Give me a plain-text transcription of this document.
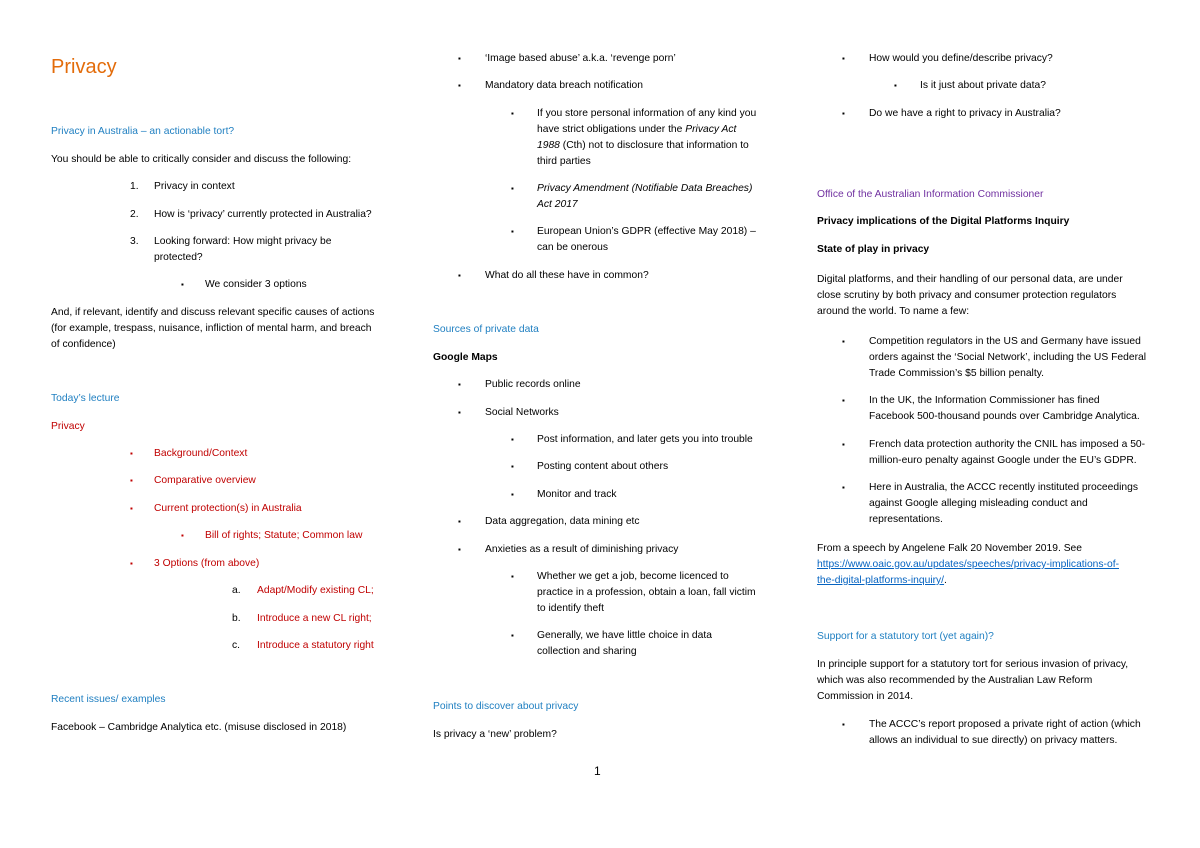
Privacy

Privacy in Australia – an actionable tort?

You should be able to critically consider and discuss the following:

1. Privacy in context

2. How is ‘privacy’ currently protected in Australia?

3. Looking forward: How might privacy be

protected?

▪ We consider 3 options

And, if relevant, identify and discuss relevant specific causes of actions

(for example, trespass, nuisance, infliction of mental harm, and breach

of confidence)

Today’s lecture

Privacy

▪ Background/Context

▪ Comparative overview

▪ Current protection(s) in Australia

▪ Bill of rights; Statute; Common law

▪ 3 Options (from above)

a. Adapt/Modify existing CL;

b. Introduce a new CL right;

c. Introduce a statutory right

Recent issues/ examples

Facebook – Cambridge Analytica etc. (misuse disclosed in 2018)

▪ ‘Image based abuse’ a.k.a. ‘revenge porn’

▪ Mandatory data breach notification

▪ If you store personal information of any kind you

have strict obligations under the Privacy Act

1988 (Cth) not to disclosure that information to

third parties

▪ Privacy Amendment (Notifiable Data Breaches)

Act 2017

▪ European Union’s GDPR (effective May 2018) –

can be onerous

▪ What do all these have in common?

Sources of private data

Google Maps

▪ Public records online

▪ Social Networks

▪ Post information, and later gets you into trouble

▪ Posting content about others

▪ Monitor and track

▪ Data aggregation, data mining etc

▪ Anxieties as a result of diminishing privacy

▪ Whether we get a job, become licenced to

practice in a profession, obtain a loan, fall victim

to identify theft

▪ Generally, we have little choice in data

collection and sharing

Points to discover about privacy

Is privacy a ‘new’ problem?

▪ How would you define/describe privacy?

▪ Is it just about private data?

▪ Do we have a right to privacy in Australia?

Office of the Australian Information Commissioner

Privacy implications of the Digital Platforms Inquiry

State of play in privacy

Digital platforms, and their handling of our personal data, are under

close scrutiny by both privacy and consumer protection regulators

around the world. To name a few:

▪ Competition regulators in the US and Germany have issued

orders against the ‘Social Network’, including the US Federal

Trade Commission’s $5 billion penalty.

▪ In the UK, the Information Commissioner has fined

Facebook 500-thousand pounds over Cambridge Analytica.

▪ French data protection authority the CNIL has imposed a 50-

million-euro penalty against Google under the EU’s GDPR.

▪ Here in Australia, the ACCC recently instituted proceedings

against Google alleging misleading conduct and

representations.

From a speech by Angelene Falk 20 November 2019. See

https://www.oaic.gov.au/updates/speeches/privacy-implications-of-

the-digital-platforms-inquiry/.

Support for a statutory tort (yet again)?

In principle support for a statutory tort for serious invasion of privacy,

which was also recommended by the Australian Law Reform

Commission in 2014.

▪ The ACCC’s report proposed a private right of action (which

allows an individual to sue directly) on privacy matters.

1
